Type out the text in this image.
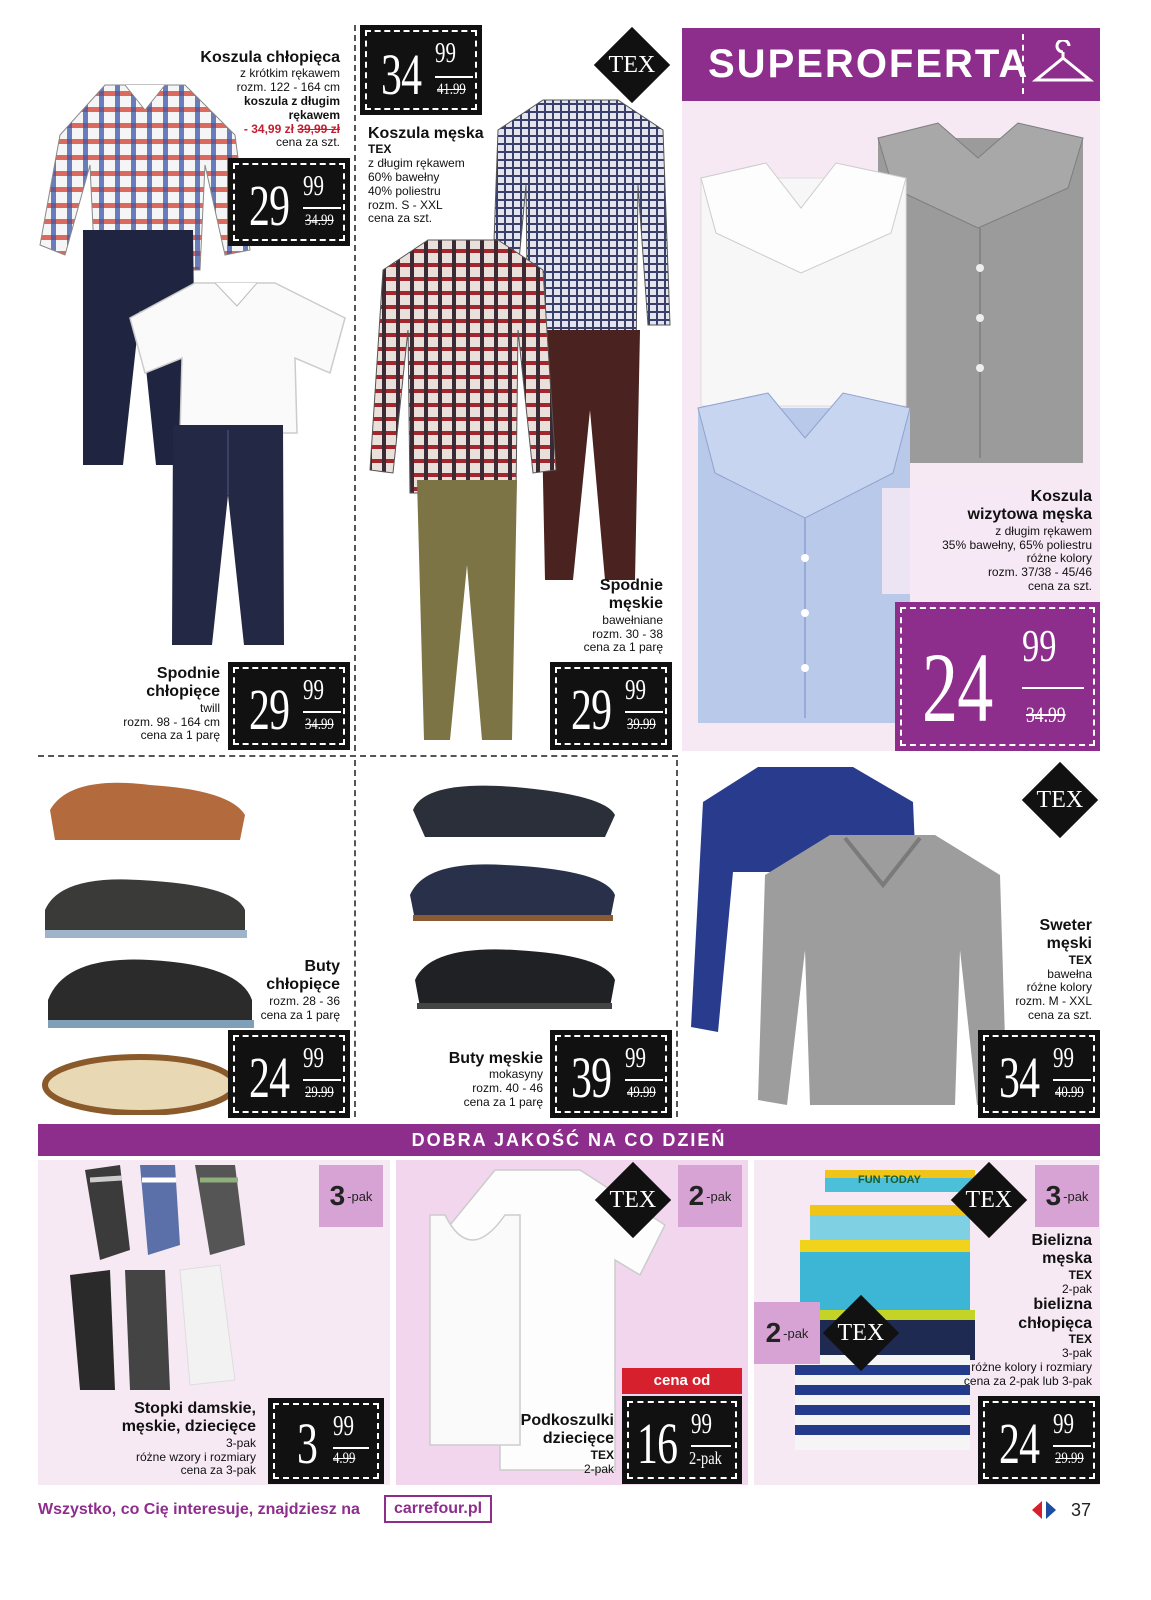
Koszula chłopięca
z krótkim rękawem
rozm. 122 - 164 cm
koszula z długim
rękawem
- 34,99 zł 39,99 zł
cena za szt.
29 99
34.99
Spodnie
chłopięce
twill
rozm. 98 - 164 cm
cena za 1 parę 29 99
34.99
34 99
41.99
TEX
Koszula męska
TEX
z długim rękawem
60% bawełny
40% poliestru
rozm. S - XXL
cena za szt.
Spodnie
męskie
bawełniane
rozm. 30 - 38
cena za 1 parę
29 99
39.99
SUPEROFERTA
Koszula
wizytowa męska
z długim rękawem
35% bawełny, 65% poliestru
różne kolory
rozm. 37/38 - 45/46
cena za szt.
24 99
34.99
Buty
chłopięce
rozm. 28 - 36
cena za 1 parę
24 99
29.99
Buty męskie
mokasyny
rozm. 40 - 46
cena za 1 parę 39 99
49.99
TEX
Sweter
męski
TEX
bawełna
różne kolory
rozm. M - XXL
cena za szt.
34 99
40.99
DOBRA JAKOŚĆ NA CO DZIEŃ
3 -pak
Stopki damskie,
męskie, dziecięce
3-pak
różne wzory i rozmiary
cena za 3-pak 3 99
4.99
TEX 2 -pak
cena od
Podkoszulki
dziecięce
TEX
2-pak 16 99
2-pak
FUN TODAY
TEX 3 -pak
2 -pak TEX
Bielizna
męska
TEX
2-pak
bielizna
chłopięca
TEX
3-pak
różne kolory i rozmiary
cena za 2-pak lub 3-pak
24 99
29.99
Wszystko, co Cię interesuje, znajdziesz na	carrefour.pl	37
